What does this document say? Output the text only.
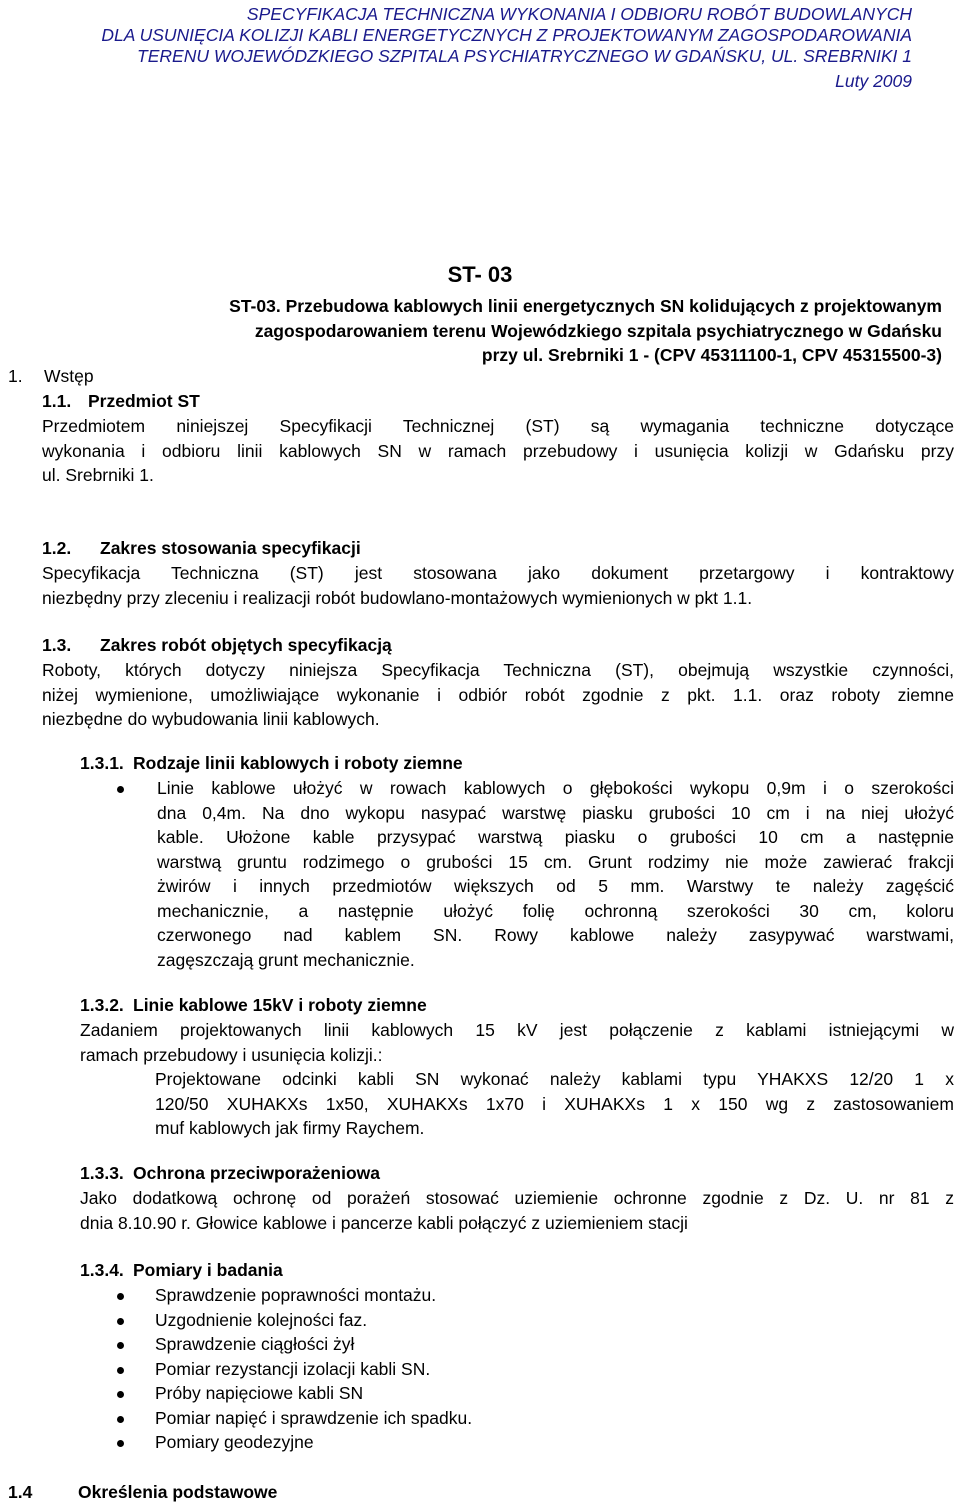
SPECYFIKACJA TECHNICZNA WYKONANIA I ODBIORU ROBÓT BUDOWLANYCH
DLA USUNIĘCIA KOLIZJI KABLI ENERGETYCZNYCH Z PROJEKTOWANYM ZAGOSPODAROWANIA
TERENU WOJEWÓDZKIEGO SZPITALA PSYCHIATRYCZNEGO W GDAŃSKU, UL. SREBRNIKI 1
Luty 2009
ST- 03
ST-03. Przebudowa kablowych linii energetycznych SN kolidujących z projektowanym
zagospodarowaniem terenu Wojewódzkiego szpitala psychiatrycznego w Gdańsku
przy ul. Srebrniki 1 - (CPV 45311100-1, CPV 45315500-3)
1. Wstęp
1.1. Przedmiot ST
Przedmiotem niniejszej Specyfikacji Technicznej (ST) są wymagania techniczne dotyczące
wykonania i odbioru linii kablowych SN w ramach przebudowy i usunięcia kolizji w Gdańsku przy
ul. Srebrniki 1.
1.2. Zakres stosowania specyfikacji
Specyfikacja Techniczna (ST) jest stosowana jako dokument przetargowy i kontraktowy
niezbędny przy zleceniu i realizacji robót budowlano-montażowych wymienionych w pkt 1.1.
1.3. Zakres robót objętych specyfikacją
Roboty, których dotyczy niniejsza Specyfikacja Techniczna (ST), obejmują wszystkie czynności,
niżej wymienione, umożliwiające wykonanie i odbiór robót zgodnie z pkt. 1.1. oraz roboty ziemne
niezbędne do wybudowania linii kablowych.
1.3.1. Rodzaje linii kablowych i roboty ziemne
Linie kablowe ułożyć w rowach kablowych o głębokości wykopu 0,9m i o szerokości
dna 0,4m. Na dno wykopu nasypać warstwę piasku grubości 10 cm i na niej ułożyć
kable. Ułożone kable przysypać warstwą piasku o grubości 10 cm a następnie
warstwą gruntu rodzimego o grubości 15 cm. Grunt rodzimy nie może zawierać frakcji
żwirów i innych przedmiotów większych od 5 mm. Warstwy te należy zagęścić
mechanicznie, a następnie ułożyć folię ochronną szerokości 30 cm, koloru
czerwonego nad kablem SN. Rowy kablowe należy zasypywać warstwami,
zagęszczają grunt mechanicznie.
1.3.2. Linie kablowe 15kV i roboty ziemne
Zadaniem projektowanych linii kablowych 15 kV jest połączenie z kablami istniejącymi w
ramach przebudowy i usunięcia kolizji.:
Projektowane odcinki kabli SN wykonać należy kablami typu YHAKXS 12/20 1 x
120/50 XUHAKXs 1x50, XUHAKXs 1x70 i XUHAKXs 1 x 150 wg z zastosowaniem
muf kablowych jak firmy Raychem.
1.3.3. Ochrona przeciwporażeniowa
Jako dodatkową ochronę od porażeń stosować uziemienie ochronne zgodnie z Dz. U. nr 81 z
dnia 8.10.90 r. Głowice kablowe i pancerze kabli połączyć z uziemieniem stacji
1.3.4. Pomiary i badania
Sprawdzenie poprawności montażu.
Uzgodnienie kolejności faz.
Sprawdzenie ciągłości żył
Pomiar rezystancji izolacji kabli SN.
Próby napięciowe kabli SN
Pomiar napięć i sprawdzenie ich spadku.
Pomiary geodezyjne
1.4	Określenia podstawowe
